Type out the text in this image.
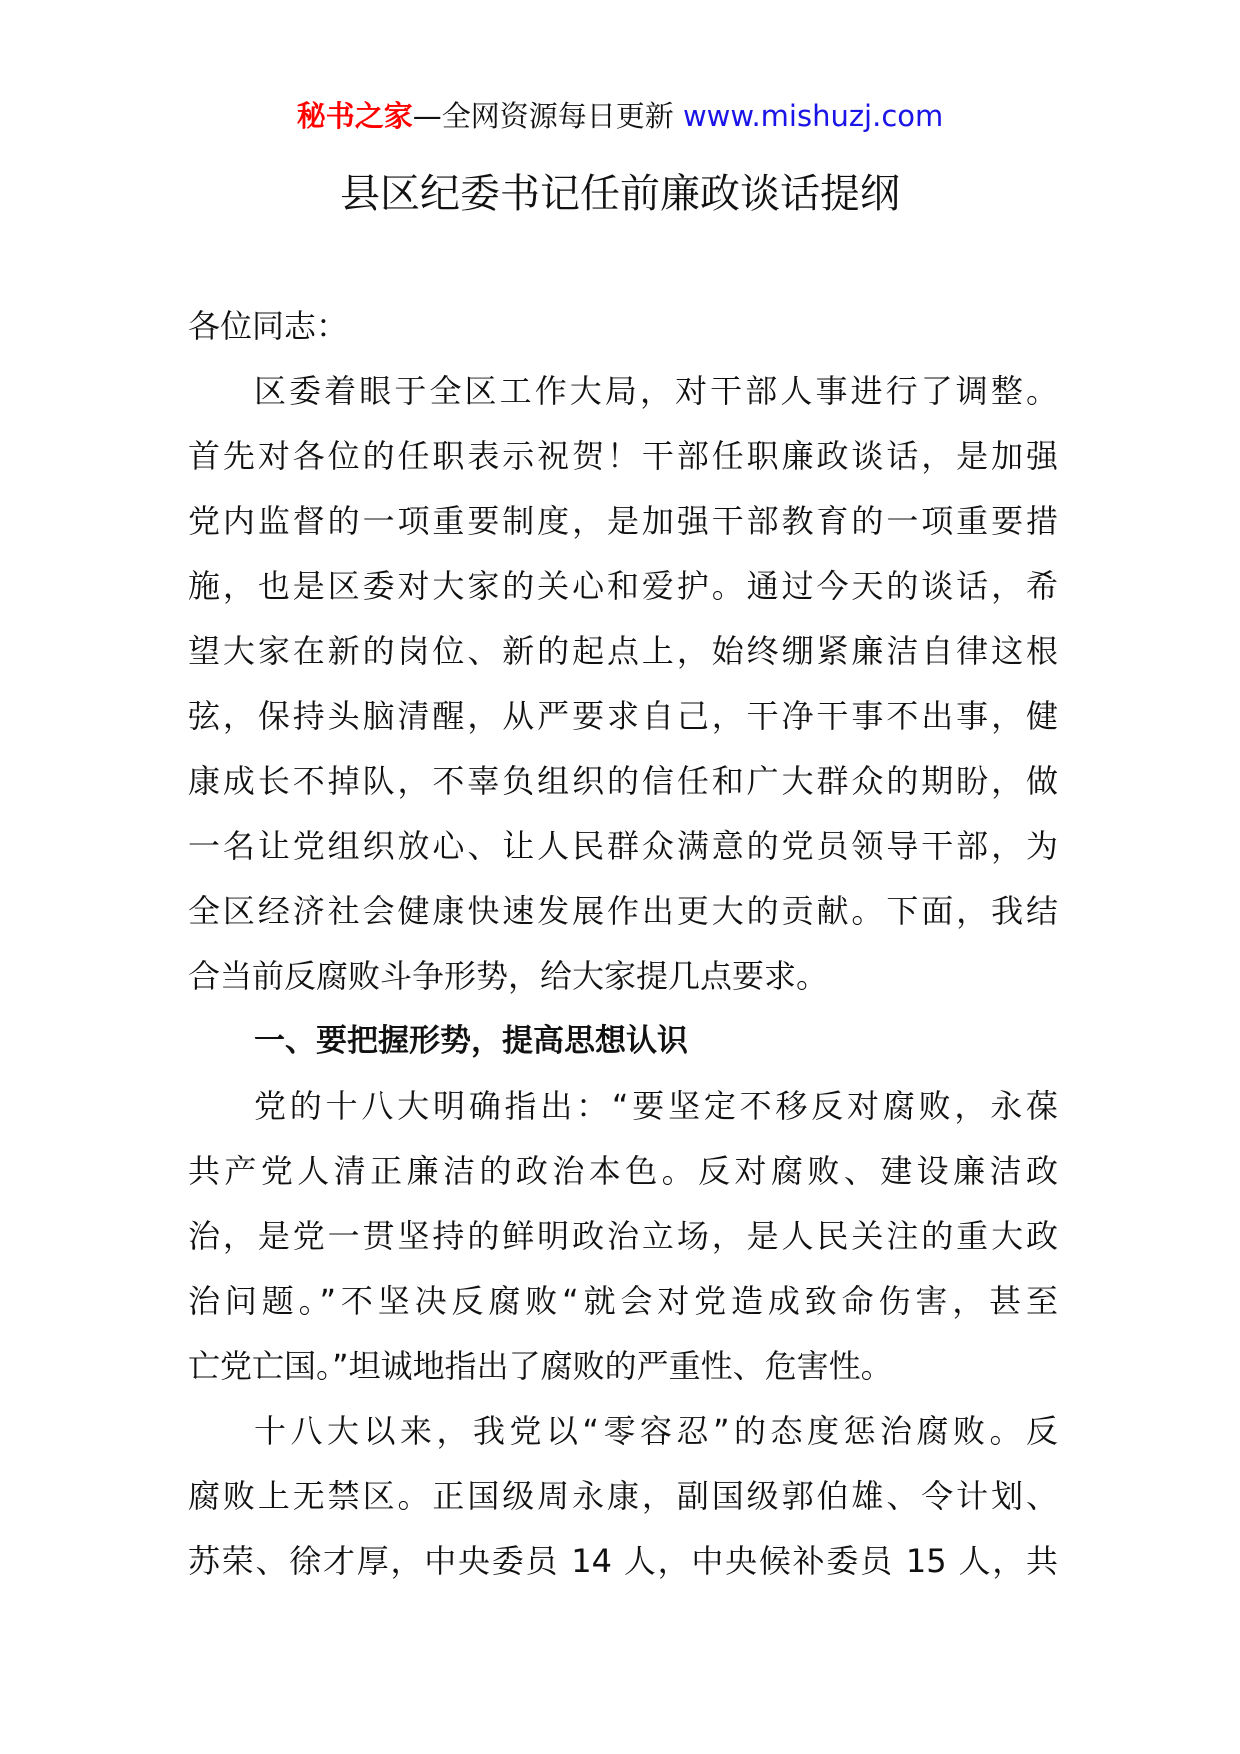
秘书之家—全网资源每日更新 www.mishuzj.com
县区纪委书记任前廉政谈话提纲
各位同志：
区委着眼于全区工作大局，对干部人事进行了调整。
首先对各位的任职表示祝贺！干部任职廉政谈话，是加强
党内监督的一项重要制度，是加强干部教育的一项重要措
施，也是区委对大家的关心和爱护。通过今天的谈话，希
望大家在新的岗位、新的起点上，始终绷紧廉洁自律这根
弦，保持头脑清醒，从严要求自己，干净干事不出事，健
康成长不掉队，不辜负组织的信任和广大群众的期盼，做
一名让党组织放心、让人民群众满意的党员领导干部，为
全区经济社会健康快速发展作出更大的贡献。下面，我结
合当前反腐败斗争形势，给大家提几点要求。
一、要把握形势，提高思想认识
党的十八大明确指出：“要坚定不移反对腐败，永葆
共产党人清正廉洁的政治本色。反对腐败、建设廉洁政
治，是党一贯坚持的鲜明政治立场，是人民关注的重大政
治问题。”不坚决反腐败“就会对党造成致命伤害，甚至
亡党亡国。”坦诚地指出了腐败的严重性、危害性。
十八大以来，我党以“零容忍”的态度惩治腐败。反
腐败上无禁区。正国级周永康，副国级郭伯雄、令计划、
苏荣、徐才厚，中央委员 14 人，中央候补委员 15 人，共
